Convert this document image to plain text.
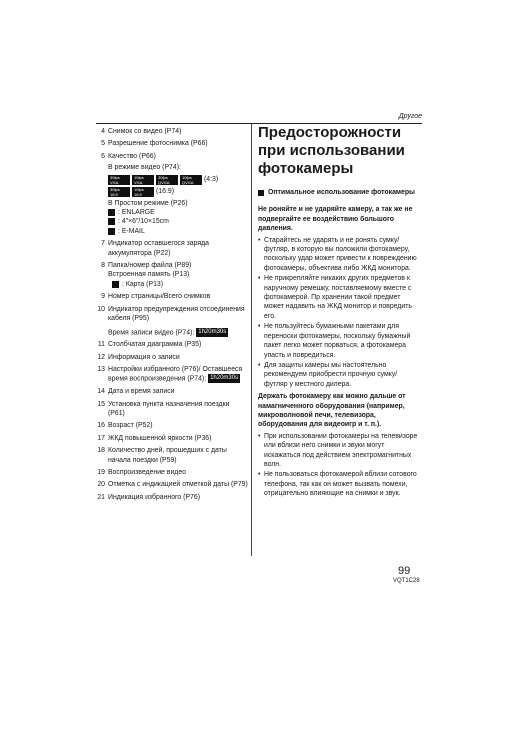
Другое
4 Снимок со видео (P74)
5 Разрешение фотоснимка (P66)
6 Качество (P66)
В режиме видео (P74):
30fps VGA
10fps VGA
30fps QVGA
10fps QVGA	(4:3)
30fps 16:9
10fps 16:9	(16:9)
В Простом режиме (P26)
: ENLARGE
: 4"×6"/10×15cm
: E-MAIL
7 Индикатор оставшегося заряда аккумулятора (P22)
8 Папка/номер файла (P89)
Встроенная память (P13)
: Карта (P13)
9 Номер страницы/Всего снимков
10 Индикатор предупреждения отсоединения кабеля (P95)
Время записи видео (P74): 1h20m30s
11 Столбчатая диаграмма (P35)
12 Информация о записи
13 Настройки избранного (P76)/ Оставшееся время воспроизведения (P74): 1h20m30s
14 Дата и время записи
15 Установка пункта назначения поездки (P61)
16 Возраст (P52)
17 ЖКД повышенной яркости (P36)
18 Количество дней, прошедших с даты начала поездки (P59)
19 Воспроизведение видео
20 Отметка с индикацией отметкой даты (P79)
21 Индикация избранного (P76)
Предосторожности при использовании фотокамеры
Оптимальное использование фотокамеры
Не роняйте и не ударяйте камеру, а так же не подвергайте ее воздействию большого давления.
• Старайтесь не ударять и не ронять сумку/футляр, в которую вы положили фотокамеру, поскольку удар может привести к повреждению фотокамеры, объектива либо ЖКД монитора.
• Не прикрепляйте никаких других предметов к наручному ремешку, поставляемому вместе с фотокамерой. Пр хранении такой предмет может надавить на ЖКД монитор и повредить его.
• Не пользуйтесь бумажными пакетами для переноски фотокамеры, поскольку бумажный пакет легко может порваться, а фотокамера упасть и повредиться.
• Для защиты камеры мы настоятельно рекомендуем приобрести прочную сумку/футляр у местного дилера.
Держать фотокамеру как можно дальше от намагниченного оборудования (например, микроволновой печи, телевизора, оборудования для видеоигр и т. п.).
• При использовании фотокамеры на телевизоре или вблизи него снимки и звуки могут искажаться под действием электромагнитных волн.
• Не пользоваться фотокамерой вблизи сотового телефона, так как он может вызвать помехи, отрицательно влияющие на снимки и звук.
99
VQT1C28
